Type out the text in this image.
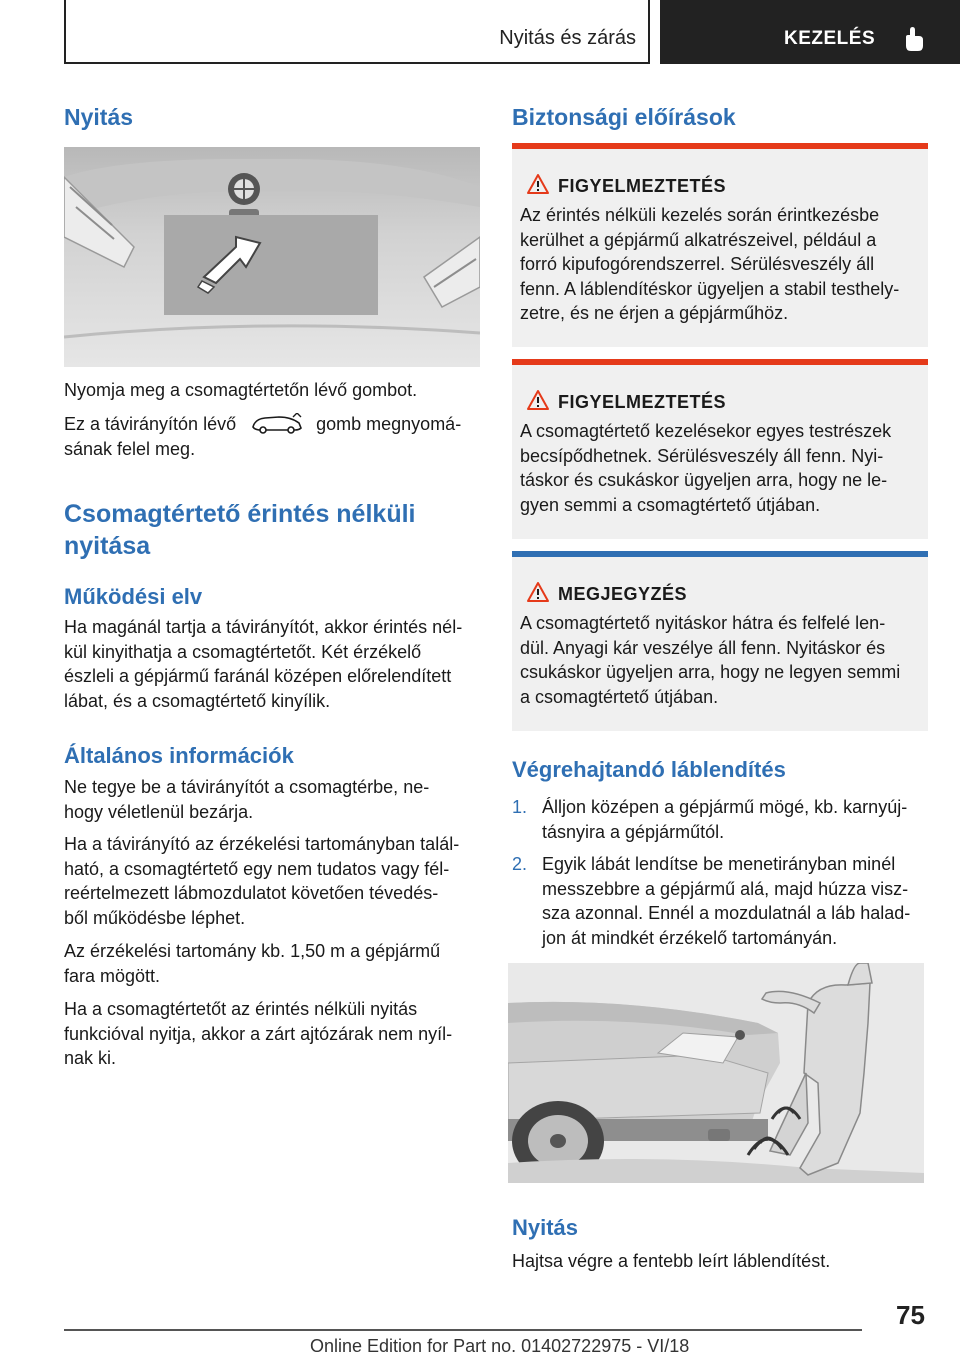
Nyitás és zárás	KEZELÉS
Nyitás
Nyomja meg a csomagtértetőn lévő gombot.
Ez a távirányítón lévő	gomb megnyomá-
sának felel meg.
Csomagtértető érintés nélküli
nyitása
Működési elv
Ha magánál tartja a távirányítót, akkor érintés nél-
kül kinyithatja a csomagtértetőt. Két érzékelő
észleli a gépjármű faránál középen előrelendített
lábat, és a csomagtértető kinyílik.
Általános információk
Ne tegye be a távirányítót a csomagtérbe, ne-
hogy véletlenül bezárja.
Ha a távirányító az érzékelési tartományban talál-
ható, a csomagtértető egy nem tudatos vagy fél-
reértelmezett lábmozdulatot követően tévedés-
ből működésbe léphet.
Az érzékelési tartomány kb. 1,50 m a gépjármű
fara mögött.
Ha a csomagtértetőt az érintés nélküli nyitás
funkcióval nyitja, akkor a zárt ajtózárak nem nyíl-
nak ki.
Biztonsági előírások
FIGYELMEZTETÉS
Az érintés nélküli kezelés során érintkezésbe
kerülhet a gépjármű alkatrészeivel, például a
forró kipufogórendszerrel. Sérülésveszély áll
fenn. A láblendítéskor ügyeljen a stabil testhely-
zetre, és ne érjen a gépjárműhöz.
FIGYELMEZTETÉS
A csomagtértető kezelésekor egyes testrészek
becsípődhetnek. Sérülésveszély áll fenn. Nyi-
táskor és csukáskor ügyeljen arra, hogy ne le-
gyen semmi a csomagtértető útjában.
MEGJEGYZÉS
A csomagtértető nyitáskor hátra és felfelé len-
dül. Anyagi kár veszélye áll fenn. Nyitáskor és
csukáskor ügyeljen arra, hogy ne legyen semmi
a csomagtértető útjában.
Végrehajtandó láblendítés
1. Álljon középen a gépjármű mögé, kb. karnyúj-
tásnyira a gépjárműtól.
2. Egyik lábát lendítse be menetirányban minél
messzebbre a gépjármű alá, majd húzza visz-
sza azonnal. Ennél a mozdulatnál a láb halad-
jon át mindkét érzékelő tartományán.
Nyitás
Hajtsa végre a fentebb leírt láblendítést.
75
Online Edition for Part no. 01402722975 - VI/18
